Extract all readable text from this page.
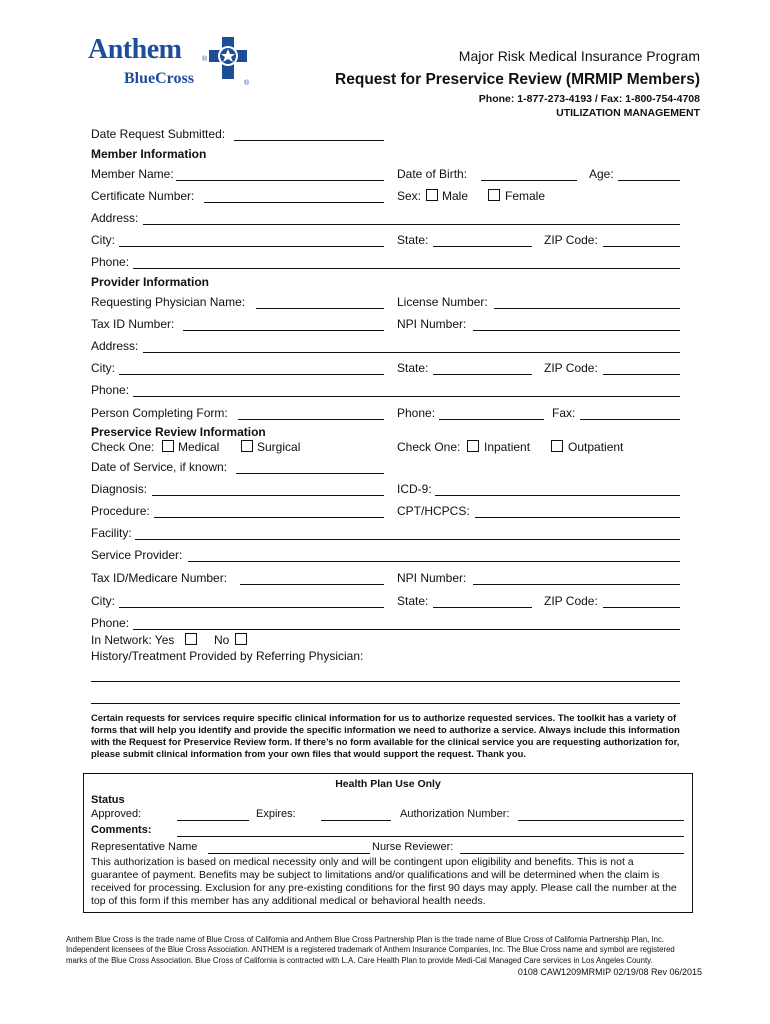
Anthem	®
BlueCross	®
Major Risk Medical Insurance Program
Request for Preservice Review (MRMIP Members)
Phone: 1-877-273-4193 / Fax: 1-800-754-4708
UTILIZATION MANAGEMENT
Date Request Submitted:
Member Information
Member Name:	Date of Birth:	Age:
Certificate Number:	Sex: Male	Female
Address:
City:	State:	ZIP Code:
Phone:
Provider Information
Requesting Physician Name:	License Number:
Tax ID Number:	NPI Number:
Address:
City:	State:	ZIP Code:
Phone:
Person Completing Form:	Phone:	Fax:
Preservice Review Information
Check One: Medical	Surgical	Check One: Inpatient	Outpatient
Date of Service, if known:
Diagnosis:	ICD-9:
Procedure:	CPT/HCPCS:
Facility:
Service Provider:
Tax ID/Medicare Number:	NPI Number:
City:	State:	ZIP Code:
Phone:
In Network: Yes	No
History/Treatment Provided by Referring Physician:
Certain requests for services require specific clinical information for us to authorize requested services. The toolkit has a variety of forms that will help you identify and provide the specific information we need to authorize a service. Always include this information with the Request for Preservice Review form. If there’s no form available for the clinical service you are requesting authorization for, please submit clinical information from your own files that would support the request. Thank you.
Health Plan Use Only
Status
Approved:	Expires:	Authorization Number:
Comments:
Representative Name	Nurse Reviewer:
This authorization is based on medical necessity only and will be contingent upon eligibility and benefits. This is not a guarantee of payment. Benefits may be subject to limitations and/or qualifications and will be determined when the claim is received for processing. Exclusion for any pre-existing conditions for the first 90 days may apply. Please call the number at the top of this form if this member has any additional medical or behavioral health needs.
Anthem Blue Cross is the trade name of Blue Cross of California and Anthem Blue Cross Partnership Plan is the trade name of Blue Cross of California Partnership Plan, Inc. Independent licensees of the Blue Cross Association. ANTHEM is a registered trademark of Anthem Insurance Companies, Inc. The Blue Cross name and symbol are registered marks of the Blue Cross Association. Blue Cross of California is contracted with L.A. Care Health Plan to provide Medi-Cal Managed Care services in Los Angeles County.
0108 CAW1209MRMIP 02/19/08 Rev 06/2015
